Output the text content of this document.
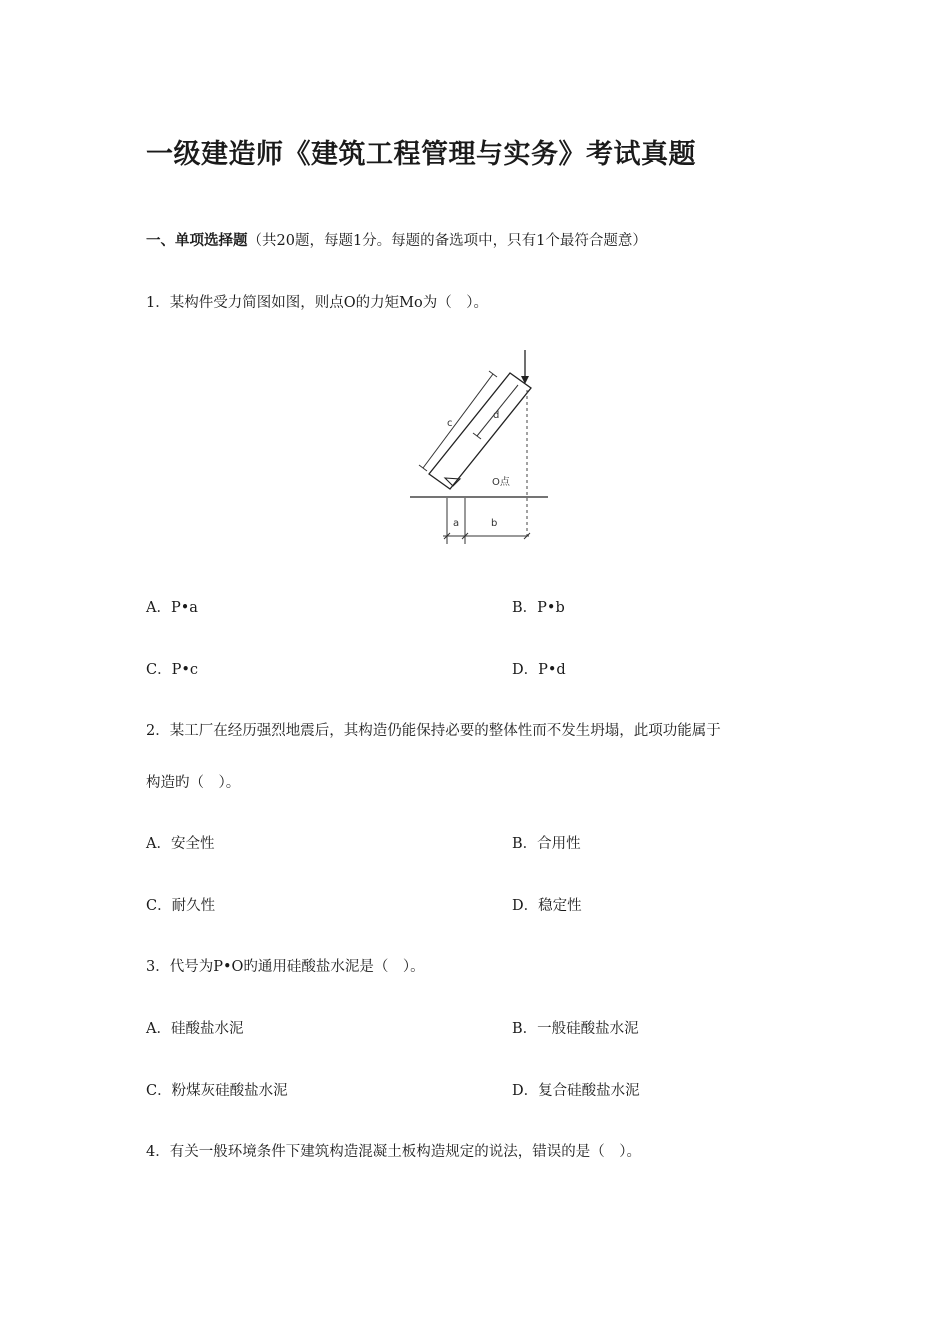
一级建造师《建筑工程管理与实务》考试真题
一、单项选择题（共20题，每题1分。每题的备选项中，只有1个最符合题意）
1．某构件受力简图如图，则点O的力矩Mo为（　）。
c
d
O点
a	b
A．P•a	B．P•b
C．P•c	D．P•d
2．某工厂在经历强烈地震后，其构造仍能保持必要的整体性而不发生坍塌，此项功能属于
构造旳（　）。
A．安全性	B．合用性
C．耐久性	D．稳定性
3．代号为P•O旳通用硅酸盐水泥是（　）。
A．硅酸盐水泥	B．一般硅酸盐水泥
C．粉煤灰硅酸盐水泥	D．复合硅酸盐水泥
4．有关一般环境条件下建筑构造混凝土板构造规定的说法，错误的是（　）。
